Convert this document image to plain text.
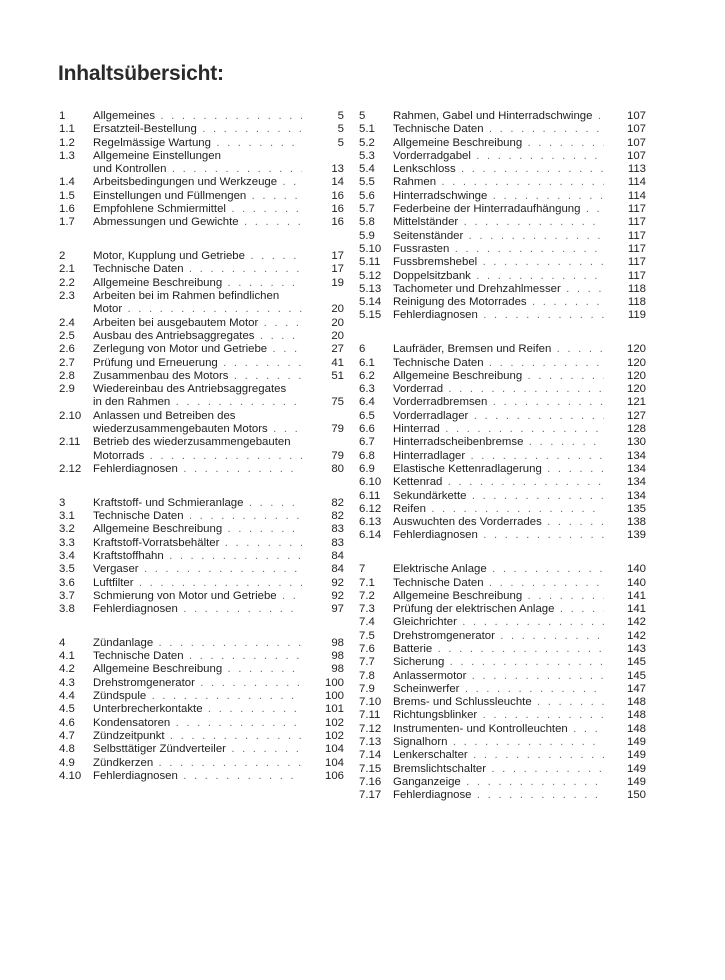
Inhaltsübersicht:
1 Allgemeines . . .	5
1.1 Ersatzteil-Bestellung . . .	5
1.2 Regelmässige Wartung . . .	5
1.3 Allgemeine Einstellungen
und Kontrollen . . .	13
1.4 Arbeitsbedingungen und Werkzeuge . . .	14
1.5 Einstellungen und Füllmengen . . .	16
1.6 Empfohlene Schmiermittel . . .	16
1.7 Abmessungen und Gewichte . . .	16
2 Motor, Kupplung und Getriebe . . .	17
2.1 Technische Daten . . .	17
2.2 Allgemeine Beschreibung . . .	19
2.3 Arbeiten bei im Rahmen befindlichen
Motor . . .	20
2.4 Arbeiten bei ausgebautem Motor . . .	20
2.5 Ausbau des Antriebsaggregates . . .	20
2.6 Zerlegung von Motor und Getriebe . . .	27
2.7 Prüfung und Erneuerung . . .	41
2.8 Zusammenbau des Motors . . .	51
2.9 Wiedereinbau des Antriebsaggregates
in den Rahmen . . .	75
2.10 Anlassen und Betreiben des
wiederzusammengebauten Motors . . .	79
2.11 Betrieb des wiederzusammengebauten
Motorrads . . .	79
2.12 Fehlerdiagnosen . . .	80
3 Kraftstoff- und Schmieranlage . . .	82
3.1 Technische Daten . . .	82
3.2 Allgemeine Beschreibung . . .	83
3.3 Kraftstoff-Vorratsbehälter . . .	83
3.4 Kraftstoffhahn . . .	84
3.5 Vergaser . . .	84
3.6 Luftfilter . . .	92
3.7 Schmierung von Motor und Getriebe . . .	92
3.8 Fehlerdiagnosen . . .	97
4 Zündanlage . . .	98
4.1 Technische Daten . . .	98
4.2 Allgemeine Beschreibung . . .	98
4.3 Drehstromgenerator . . .	100
4.4 Zündspule . . .	100
4.5 Unterbrecherkontakte . . .	101
4.6 Kondensatoren . . .	102
4.7 Zündzeitpunkt . . .	102
4.8 Selbsttätiger Zündverteiler . . .	104
4.9 Zündkerzen . . .	104
4.10 Fehlerdiagnosen . . .	106
5 Rahmen, Gabel und Hinterradschwinge . . .	107
5.1 Technische Daten . . .	107
5.2 Allgemeine Beschreibung . . .	107
5.3 Vorderradgabel . . .	107
5.4 Lenkschloss . . .	113
5.5 Rahmen . . .	114
5.6 Hinterradschwinge . . .	114
5.7 Federbeine der Hinterradaufhängung . . .	117
5.8 Mittelständer . . .	117
5.9 Seitenständer . . .	117
5.10 Fussrasten . . .	117
5.11 Fussbremshebel . . .	117
5.12 Doppelsitzbank . . .	117
5.13 Tachometer und Drehzahlmesser . . .	118
5.14 Reinigung des Motorrades . . .	118
5.15 Fehlerdiagnosen . . .	119
6 Laufräder, Bremsen und Reifen . . .	120
6.1 Technische Daten . . .	120
6.2 Allgemeine Beschreibung . . .	120
6.3 Vorderrad . . .	120
6.4 Vorderradbremsen . . .	121
6.5 Vorderradlager . . .	127
6.6 Hinterrad . . .	128
6.7 Hinterradscheibenbremse . . .	130
6.8 Hinterradlager . . .	134
6.9 Elastische Kettenradlagerung . . .	134
6.10 Kettenrad . . .	134
6.11 Sekundärkette . . .	134
6.12 Reifen . . .	135
6.13 Auswuchten des Vorderrades . . .	138
6.14 Fehlerdiagnosen . . .	139
7 Elektrische Anlage . . .	140
7.1 Technische Daten . . .	140
7.2 Allgemeine Beschreibung . . .	141
7.3 Prüfung der elektrischen Anlage . . .	141
7.4 Gleichrichter . . .	142
7.5 Drehstromgenerator . . .	142
7.6 Batterie . . .	143
7.7 Sicherung . . .	145
7.8 Anlassermotor . . .	145
7.9 Scheinwerfer . . .	147
7.10 Brems- und Schlussleuchte . . .	148
7.11 Richtungsblinker . . .	148
7.12 Instrumenten- und Kontrolleuchten . . .	148
7.13 Signalhorn . . .	149
7.14 Lenkerschalter . . .	149
7.15 Bremslichtschalter . . .	149
7.16 Ganganzeige . . .	149
7.17 Fehlerdiagnose . . .	150
